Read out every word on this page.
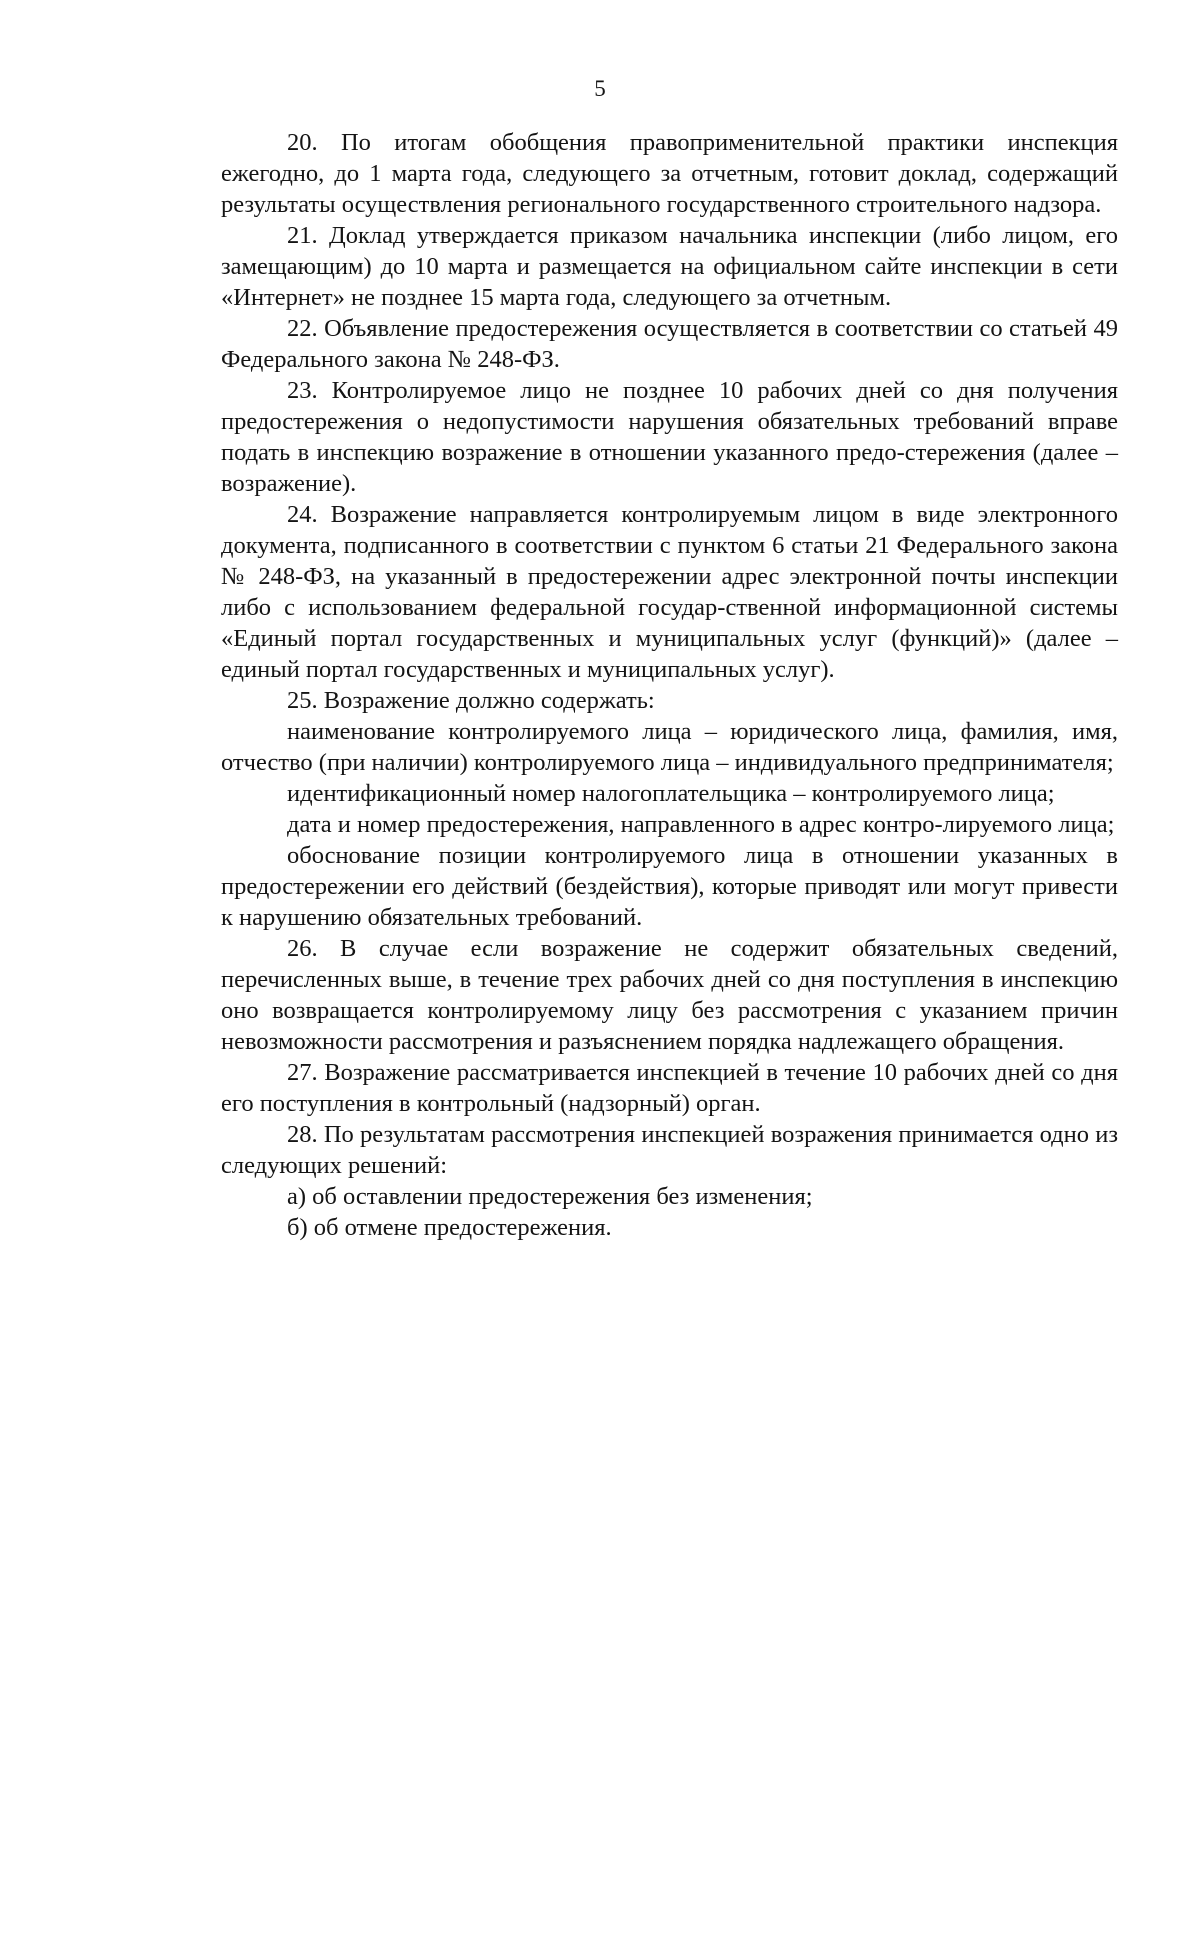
5

20. По итогам обобщения правоприменительной практики инспекция ежегодно, до 1 марта года, следующего за отчетным, готовит доклад, содержащий результаты осуществления регионального государственного строительного надзора.

21. Доклад утверждается приказом начальника инспекции (либо лицом, его замещающим) до 10 марта и размещается на официальном сайте инспекции в сети «Интернет» не позднее 15 марта года, следующего за отчетным.

22. Объявление предостережения осуществляется в соответствии со статьей 49 Федерального закона № 248-ФЗ.

23. Контролируемое лицо не позднее 10 рабочих дней со дня получения предостережения о недопустимости нарушения обязательных требований вправе подать в инспекцию возражение в отношении указанного предо-стережения (далее – возражение).

24. Возражение направляется контролируемым лицом в виде электронного документа, подписанного в соответствии с пунктом 6 статьи 21 Федерального закона № 248-ФЗ, на указанный в предостережении адрес электронной почты инспекции либо с использованием федеральной государ-ственной информационной системы «Единый портал государственных и муниципальных услуг (функций)» (далее – единый портал государственных и муниципальных услуг).

25. Возражение должно содержать:

наименование контролируемого лица – юридического лица, фамилия, имя, отчество (при наличии) контролируемого лица – индивидуального предпринимателя;

идентификационный номер налогоплательщика – контролируемого лица;

дата и номер предостережения, направленного в адрес контро-лируемого лица;

обоснование позиции контролируемого лица в отношении указанных в предостережении его действий (бездействия), которые приводят или могут привести к нарушению обязательных требований.

26. В случае если возражение не содержит обязательных сведений, перечисленных выше, в течение трех рабочих дней со дня поступления в инспекцию оно возвращается контролируемому лицу без рассмотрения с указанием причин невозможности рассмотрения и разъяснением порядка надлежащего обращения.

27. Возражение рассматривается инспекцией в течение 10 рабочих дней со дня его поступления в контрольный (надзорный) орган.

28. По результатам рассмотрения инспекцией возражения принимается одно из следующих решений:

а) об оставлении предостережения без изменения;

б) об отмене предостережения.
